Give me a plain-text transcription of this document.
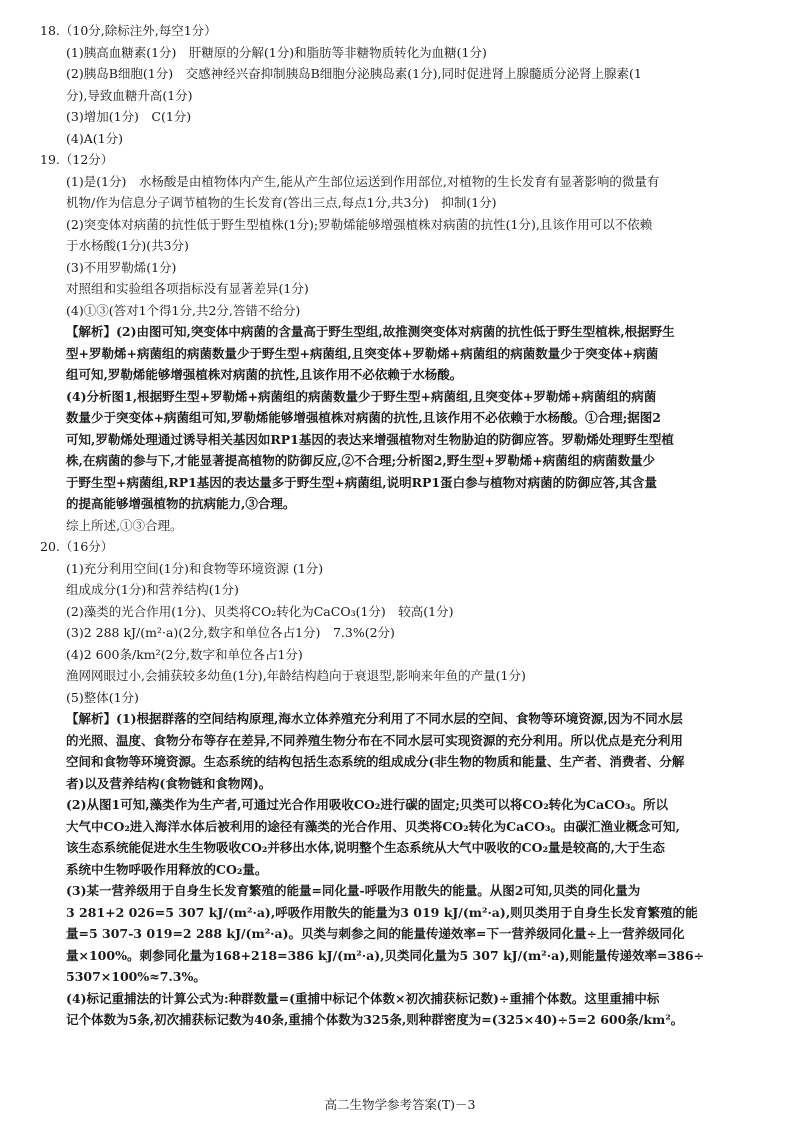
18.（10分,除标注外,每空1分）
(1)胰高血糖素(1分)　肝糖原的分解(1分)和脂肪等非糖物质转化为血糖(1分)
(2)胰岛B细胞(1分)　交感神经兴奋抑制胰岛B细胞分泌胰岛素(1分),同时促进肾上腺髓质分泌肾上腺素(1
分),导致血糖升高(1分)
(3)增加(1分)　C(1分)
(4)A(1分)
19.（12分）
(1)是(1分)　水杨酸是由植物体内产生,能从产生部位运送到作用部位,对植物的生长发育有显著影响的微量有
机物/作为信息分子调节植物的生长发育(答出三点,每点1分,共3分)　抑制(1分)
(2)突变体对病菌的抗性低于野生型植株(1分);罗勒烯能够增强植株对病菌的抗性(1分),且该作用可以不依赖
于水杨酸(1分)(共3分)
(3)不用罗勒烯(1分)
对照组和实验组各项指标没有显著差异(1分)
(4)①③(答对1个得1分,共2分,答错不给分)
【解析】(2)由图可知,突变体中病菌的含量高于野生型组,故推测突变体对病菌的抗性低于野生型植株,根据野生
型+罗勒烯+病菌组的病菌数量少于野生型+病菌组,且突变体+罗勒烯+病菌组的病菌数量少于突变体+病菌
组可知,罗勒烯能够增强植株对病菌的抗性,且该作用不必依赖于水杨酸。
(4)分析图1,根据野生型+罗勒烯+病菌组的病菌数量少于野生型+病菌组,且突变体+罗勒烯+病菌组的病菌
数量少于突变体+病菌组可知,罗勒烯能够增强植株对病菌的抗性,且该作用不必依赖于水杨酸。①合理;据图2
可知,罗勒烯处理通过诱导相关基因如RP1基因的表达来增强植物对生物胁迫的防御应答。罗勒烯处理野生型植
株,在病菌的参与下,才能显著提高植物的防御反应,②不合理;分析图2,野生型+罗勒烯+病菌组的病菌数量少
于野生型+病菌组,RP1基因的表达量多于野生型+病菌组,说明RP1蛋白参与植物对病菌的防御应答,其含量
的提高能够增强植物的抗病能力,③合理。
综上所述,①③合理。
20.（16分）
(1)充分利用空间(1分)和食物等环境资源 (1分)
组成成分(1分)和营养结构(1分)
(2)藻类的光合作用(1分)、贝类将CO₂转化为CaCO₃(1分)　较高(1分)
(3)2 288 kJ/(m²·a)(2分,数字和单位各占1分)　7.3%(2分)
(4)2 600条/km²(2分,数字和单位各占1分)
渔网网眼过小,会捕获较多幼鱼(1分),年龄结构趋向于衰退型,影响来年鱼的产量(1分)
(5)整体(1分)
【解析】(1)根据群落的空间结构原理,海水立体养殖充分利用了不同水层的空间、食物等环境资源,因为不同水层
的光照、温度、食物分布等存在差异,不同养殖生物分布在不同水层可实现资源的充分利用。所以优点是充分利用
空间和食物等环境资源。生态系统的结构包括生态系统的组成成分(非生物的物质和能量、生产者、消费者、分解
者)以及营养结构(食物链和食物网)。
(2)从图1可知,藻类作为生产者,可通过光合作用吸收CO₂进行碳的固定;贝类可以将CO₂转化为CaCO₃。所以
大气中CO₂进入海洋水体后被利用的途径有藻类的光合作用、贝类将CO₂转化为CaCO₃。由碳汇渔业概念可知,
该生态系统能促进水生生物吸收CO₂并移出水体,说明整个生态系统从大气中吸收的CO₂量是较高的,大于生态
系统中生物呼吸作用释放的CO₂量。
(3)某一营养级用于自身生长发育繁殖的能量=同化量-呼吸作用散失的能量。从图2可知,贝类的同化量为
3 281+2 026=5 307 kJ/(m²·a),呼吸作用散失的能量为3 019 kJ/(m²·a),则贝类用于自身生长发育繁殖的能
量=5 307-3 019=2 288 kJ/(m²·a)。贝类与刺参之间的能量传递效率=下一营养级同化量÷上一营养级同化
量×100%。刺参同化量为168+218=386 kJ/(m²·a),贝类同化量为5 307 kJ/(m²·a),则能量传递效率=386÷
5307×100%≈7.3%。
(4)标记重捕法的计算公式为:种群数量=(重捕中标记个体数×初次捕获标记数)÷重捕个体数。这里重捕中标
记个体数为5条,初次捕获标记数为40条,重捕个体数为325条,则种群密度为=(325×40)÷5=2 600条/km²。
高二生物学参考答案(T)－3
